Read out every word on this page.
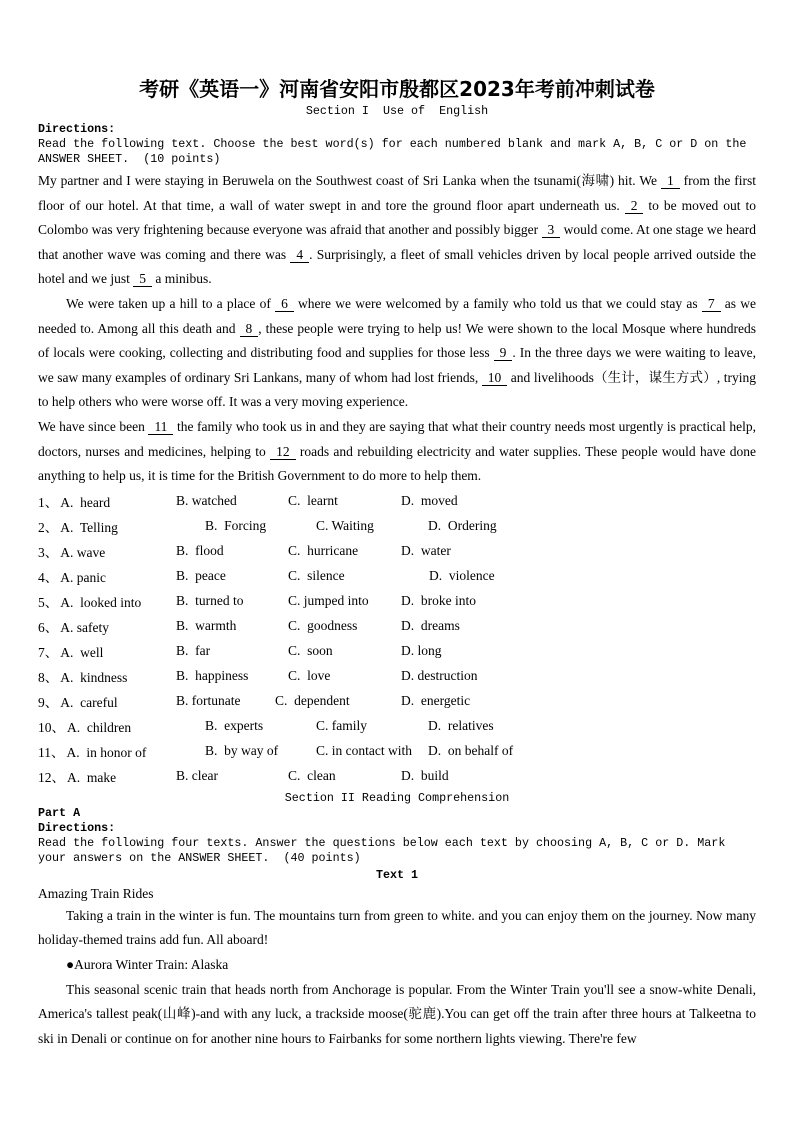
考研《英语一》河南省安阳市殷都区2023年考前冲刺试卷
Section I  Use of  English
Directions:
Read the following text. Choose the best word(s) for each numbered blank and mark A, B, C or D on the ANSWER SHEET.  (10 points)

My partner and I were staying in Beruwela on the Southwest coast of Sri Lanka when the tsunami(海啸) hit. We 1 from the first floor of our hotel. At that time, a wall of water swept in and tore the ground floor apart underneath us. 2 to be moved out to Colombo was very frightening because everyone was afraid that another and possibly bigger 3 would come. At one stage we heard that another wave was coming and there was 4 . Surprisingly, a fleet of small vehicles driven by local people arrived outside the hotel and we just 5 a minibus.

We were taken up a hill to a place of 6 where we were welcomed by a family who told us that we could stay as 7 as we needed to. Among all this death and 8 , these people were trying to help us! We were shown to the local Mosque where hundreds of locals were cooking, collecting and distributing food and supplies for those less 9 . In the three days we were waiting to leave, we saw many examples of ordinary Sri Lankans, many of whom had lost friends, 10 and livelihoods（生计，谋生方式）, trying to help others who were worse off. It was a very moving experience.

We have since been 11 the family who took us in and they are saying that what their country needs most urgently is practical help, doctors, nurses and medicines, helping to 12 roads and rebuilding electricity and water supplies. These people would have done anything to help us, it is time for the British Government to do more to help them.

1、 A.  heard	B. watched	C.  learnt	D.  moved
2、 A.  Telling	B.  Forcing	C. Waiting	D.  Ordering
3、 A. wave	B.  flood	C.  hurricane	D.  water
4、 A. panic	B.  peace	C.  silence	D.  violence
5、 A.  looked into	B.  turned to	C. jumped into	D.  broke into
6、 A. safety	B.  warmth	C.  goodness	D.  dreams
7、 A.  well	B.  far	C.  soon	D. long
8、 A.  kindness	B.  happiness	C.  love	D. destruction
9、 A.  careful	B. fortunate	C.  dependent	D.  energetic
10、 A.  children	B.  experts	C. family	D.  relatives
11、 A.  in honor of	B.  by way of	C. in contact with	D.  on behalf of
12、 A.  make	B. clear	C.  clean	D.  build
Section II Reading Comprehension
Part A
Directions:
Read the following four texts. Answer the questions below each text by choosing A, B, C or D. Mark your answers on the ANSWER SHEET.  (40 points)
Text 1

Amazing Train Rides

Taking a train in the winter is fun. The mountains turn from green to white. and you can enjoy them on the journey. Now many holiday-themed trains add fun. All aboard!

●Aurora Winter Train: Alaska

This seasonal scenic train that heads north from Anchorage is popular. From the Winter Train you'll see a snow-white Denali, America's tallest peak(山峰)-and with any luck, a trackside moose(驼鹿).You can get off the train after three hours at Talkeetna to ski in Denali or continue on for another nine hours to Fairbanks for some northern lights viewing. There're few
